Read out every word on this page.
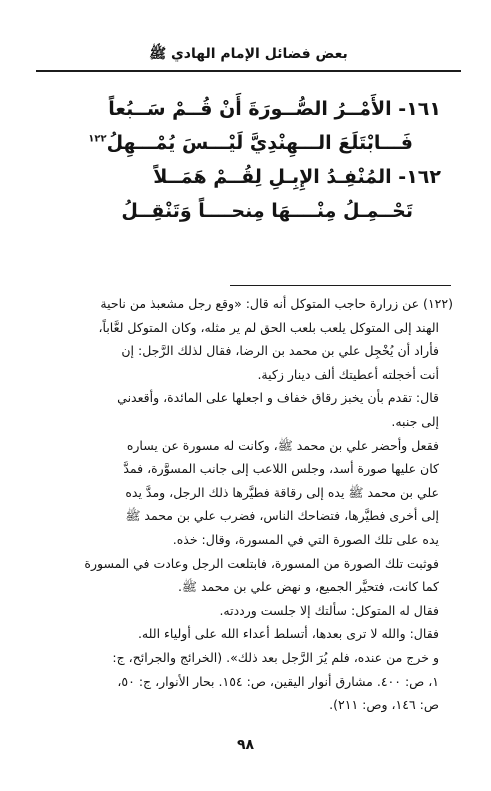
بعض فضائل الإمام الهادي ﷺ
١٦١- الأَمْــرُ الصُّــورَةَ أَنْ قُــمْ سَــبُعاً
فَـــابْتَلَعَ الـــهِنْدِيَّ لَيْـــسَ يُمْـــهِلُ$^{١٢٢}$
١٦٢- المُنْفِـدُ الإِبِـلِ لِقُــمْ هَمَــلاً
تَحْــمِـلُ مِنْــــهَا مِنحــــاً وَتَنْقِــلُ

(١٢٢) عن زرارة حاجب المتوكل أنه قال: «وقع رجل مشعبذ من ناحية

الهند إلى المتوكل يلعب بلعب الحق لم ير مثله، وكان المتوكل لعَّاباً،

فأراد أن يُخْجِل علي بن محمد بن الرضا، فقال لذلك الرَّجل: إن

أنت أخجلته أعطيتك ألف دينار زكية.

قال: تقدم بأن يخبز رقاق خفاف و اجعلها على المائدة، وأقعدني

إلى جنبه.

فقعل وأحضر علي بن محمد ﷺ، وكانت له مسورة عن يساره

كان عليها صورة أسد، وجلس اللاعب إلى جانب المسوَّرة، فمدَّ

علي بن محمد ﷺ يده إلى رقاقة فطيَّرها ذلك الرجل، ومدَّ يده

إلى أخرى فطيَّرها، فتضاحك الناس، فضرب علي بن محمد ﷺ

يده على تلك الصورة التي في المسورة، وقال: خذه.

فوثبت تلك الصورة من المسورة، فابتلعت الرجل وعادت في المسورة

كما كانت، فتحيَّر الجميع، و نهض علي بن محمد ﷺ.

فقال له المتوكل: سألتك إلا جلست ورددته.

فقال: والله لا ترى بعدها، أتسلط أعداء الله على أولياء الله.

و خرج من عنده، فلم يُرَ الرَّجل بعد ذلك». (الخرائج والجرائح، ج:

١، ص: ٤٠٠. مشارق أنوار اليقين، ص: ١٥٤. بحار الأنوار، ج: ٥٠،

ص: ١٤٦، وص: ٢١١).

٩٨
